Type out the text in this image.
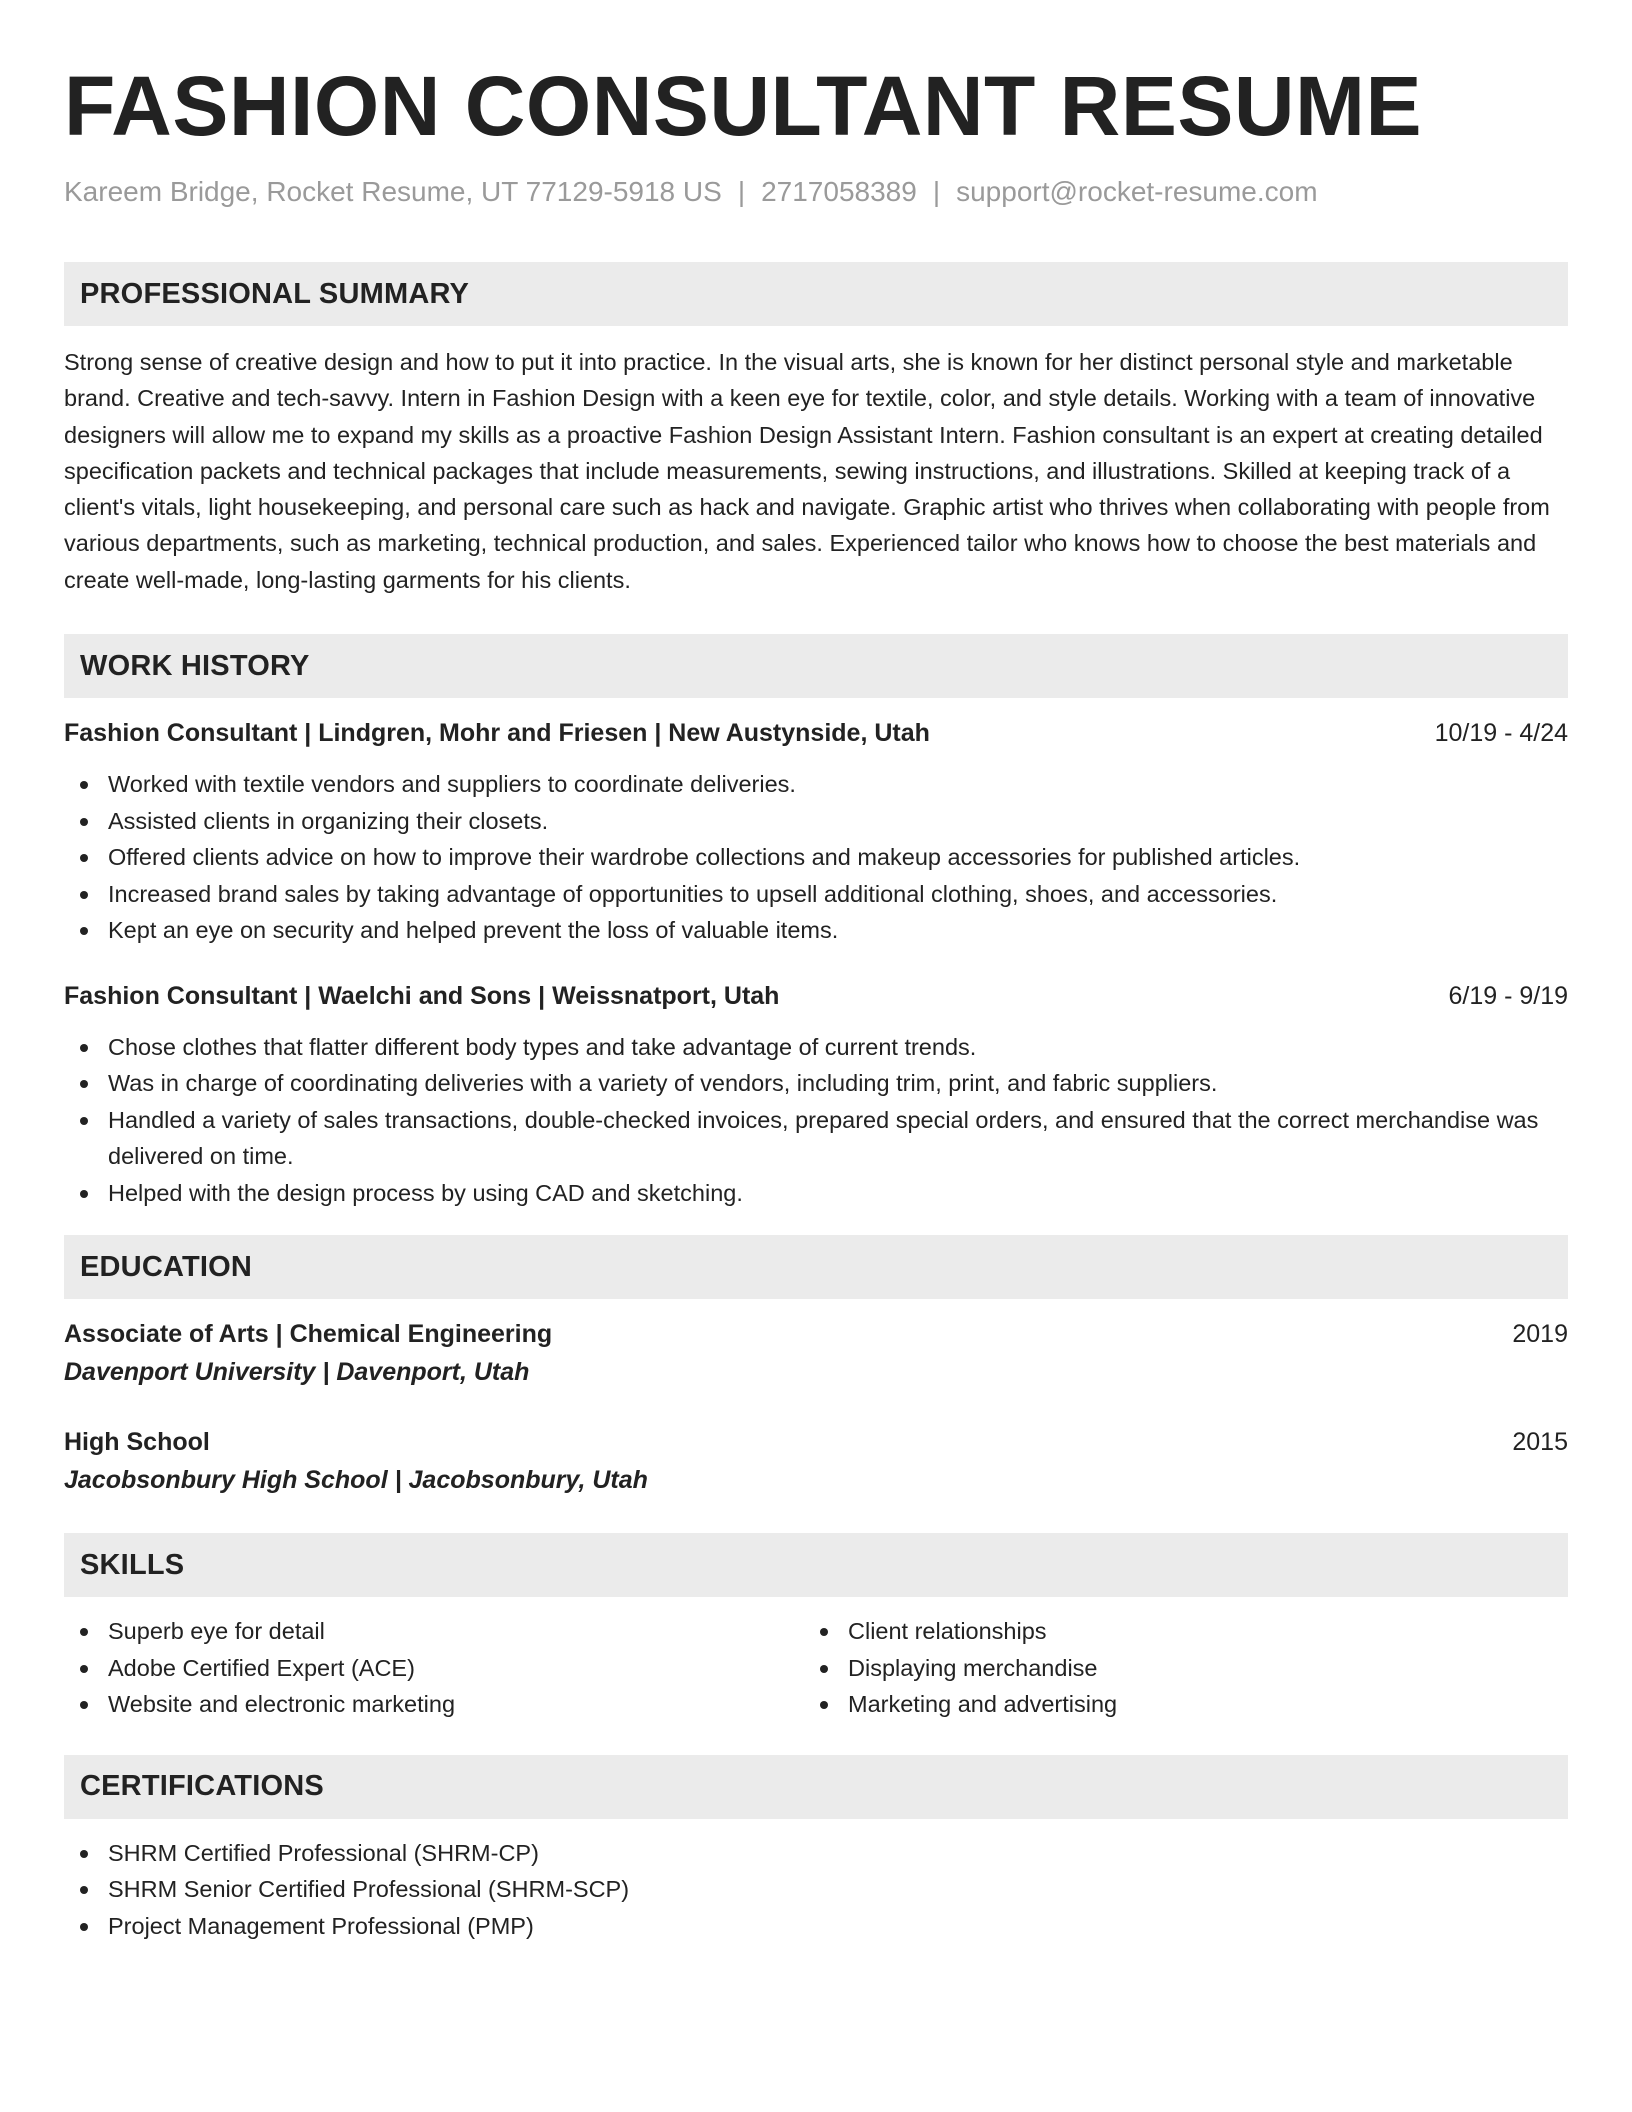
FASHION CONSULTANT RESUME
Kareem Bridge, Rocket Resume, UT 77129-5918 US | 2717058389 | support@rocket-resume.com
PROFESSIONAL SUMMARY

Strong sense of creative design and how to put it into practice. In the visual arts, she is known for her distinct personal style and marketable brand. Creative and tech-savvy. Intern in Fashion Design with a keen eye for textile, color, and style details. Working with a team of innovative designers will allow me to expand my skills as a proactive Fashion Design Assistant Intern. Fashion consultant is an expert at creating detailed specification packets and technical packages that include measurements, sewing instructions, and illustrations. Skilled at keeping track of a client's vitals, light housekeeping, and personal care such as hack and navigate. Graphic artist who thrives when collaborating with people from various departments, such as marketing, technical production, and sales. Experienced tailor who knows how to choose the best materials and create well-made, long-lasting garments for his clients.

WORK HISTORY
Fashion Consultant | Lindgren, Mohr and Friesen | New Austynside, Utah	10/19 - 4/24
Worked with textile vendors and suppliers to coordinate deliveries.
Assisted clients in organizing their closets.
Offered clients advice on how to improve their wardrobe collections and makeup accessories for published articles.
Increased brand sales by taking advantage of opportunities to upsell additional clothing, shoes, and accessories.
Kept an eye on security and helped prevent the loss of valuable items.
Fashion Consultant | Waelchi and Sons | Weissnatport, Utah	6/19 - 9/19
Chose clothes that flatter different body types and take advantage of current trends.
Was in charge of coordinating deliveries with a variety of vendors, including trim, print, and fabric suppliers.
Handled a variety of sales transactions, double-checked invoices, prepared special orders, and ensured that the correct merchandise was delivered on time.
Helped with the design process by using CAD and sketching.
EDUCATION
Associate of Arts | Chemical Engineering	2019
Davenport University | Davenport, Utah
High School	2015
Jacobsonbury High School | Jacobsonbury, Utah
SKILLS
Superb eye for detail
Adobe Certified Expert (ACE)
Website and electronic marketing
Client relationships
Displaying merchandise
Marketing and advertising
CERTIFICATIONS
SHRM Certified Professional (SHRM-CP)
SHRM Senior Certified Professional (SHRM-SCP)
Project Management Professional (PMP)
